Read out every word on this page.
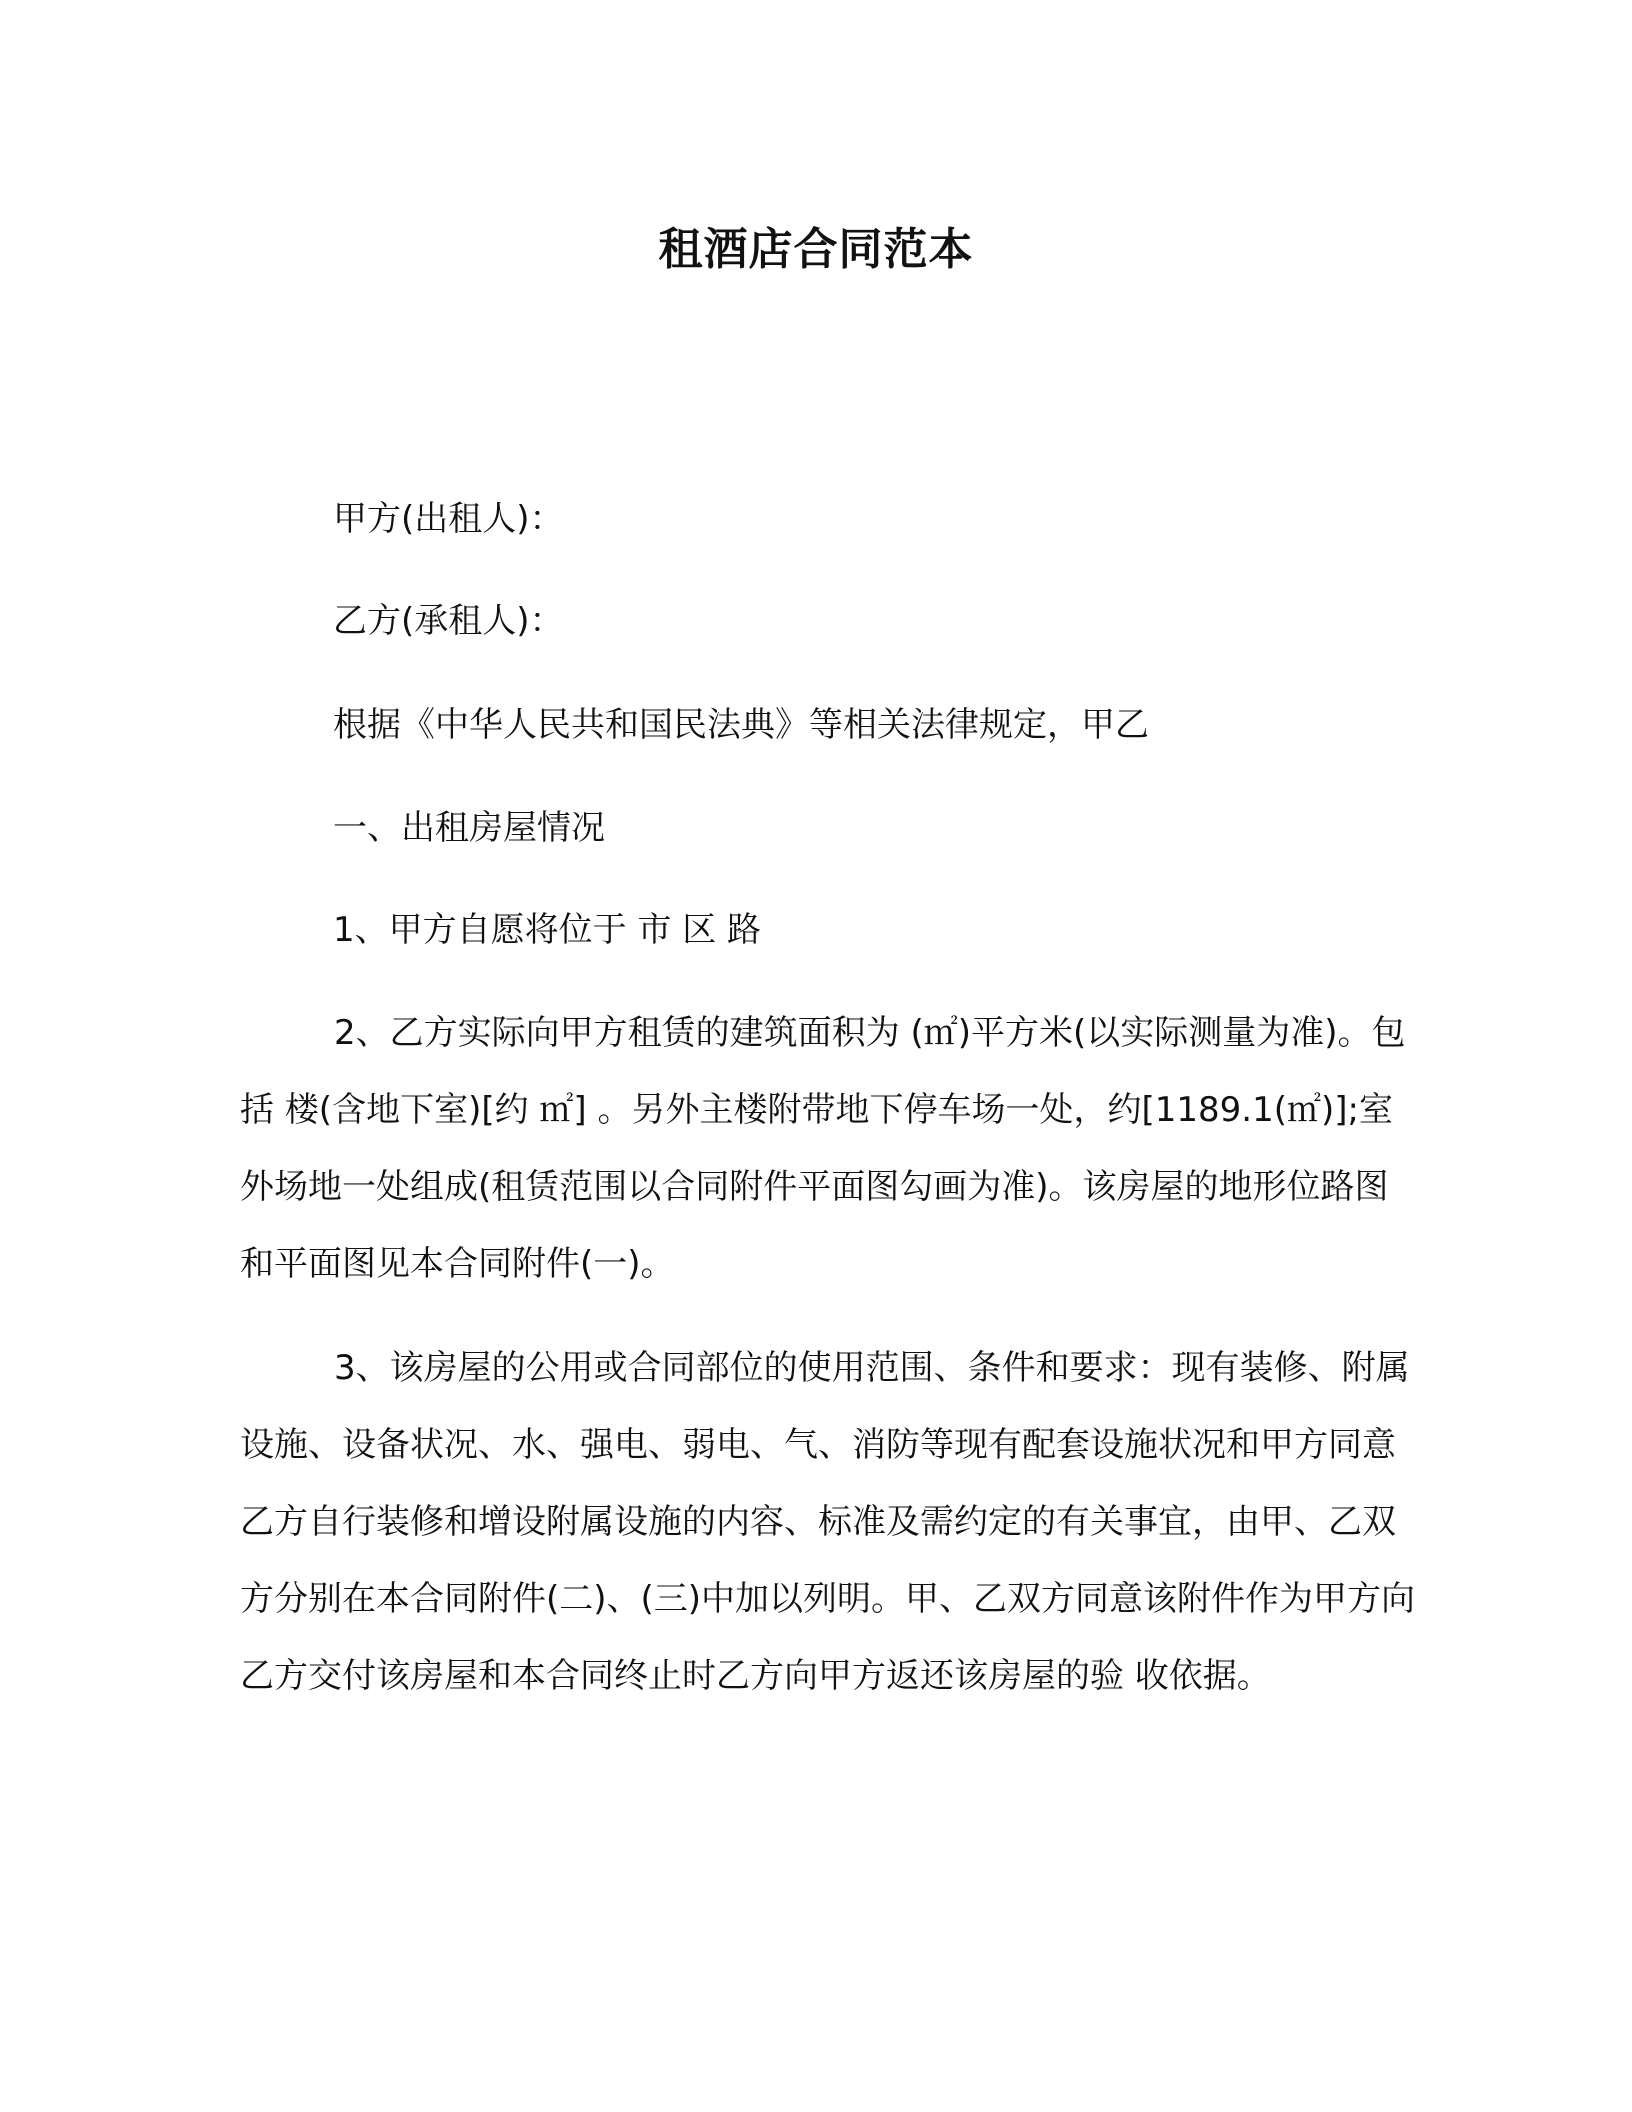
租酒店合同范本
甲方(出租人)：
乙方(承租人)：
根据《中华人民共和国民法典》等相关法律规定，甲乙
一、出租房屋情况
1、甲方自愿将位于 市 区 路

2、乙方实际向甲方租赁的建筑面积为 (㎡)平方米(以实际测量为准)。包括 楼(含地下室)[约 ㎡] 。另外主楼附带地下停车场一处，约[1189.1(㎡)];室外场地一处组成(租赁范围以合同附件平面图勾画为准)。该房屋的地形位路图和平面图见本合同附件(一)。

3、该房屋的公用或合同部位的使用范围、条件和要求：现有装修、附属设施、设备状况、水、强电、弱电、气、消防等现有配套设施状况和甲方同意乙方自行装修和增设附属设施的内容、标准及需约定的有关事宜，由甲、乙双方分别在本合同附件(二)、(三)中加以列明。甲、乙双方同意该附件作为甲方向乙方交付该房屋和本合同终止时乙方向甲方返还该房屋的验 收依据。
